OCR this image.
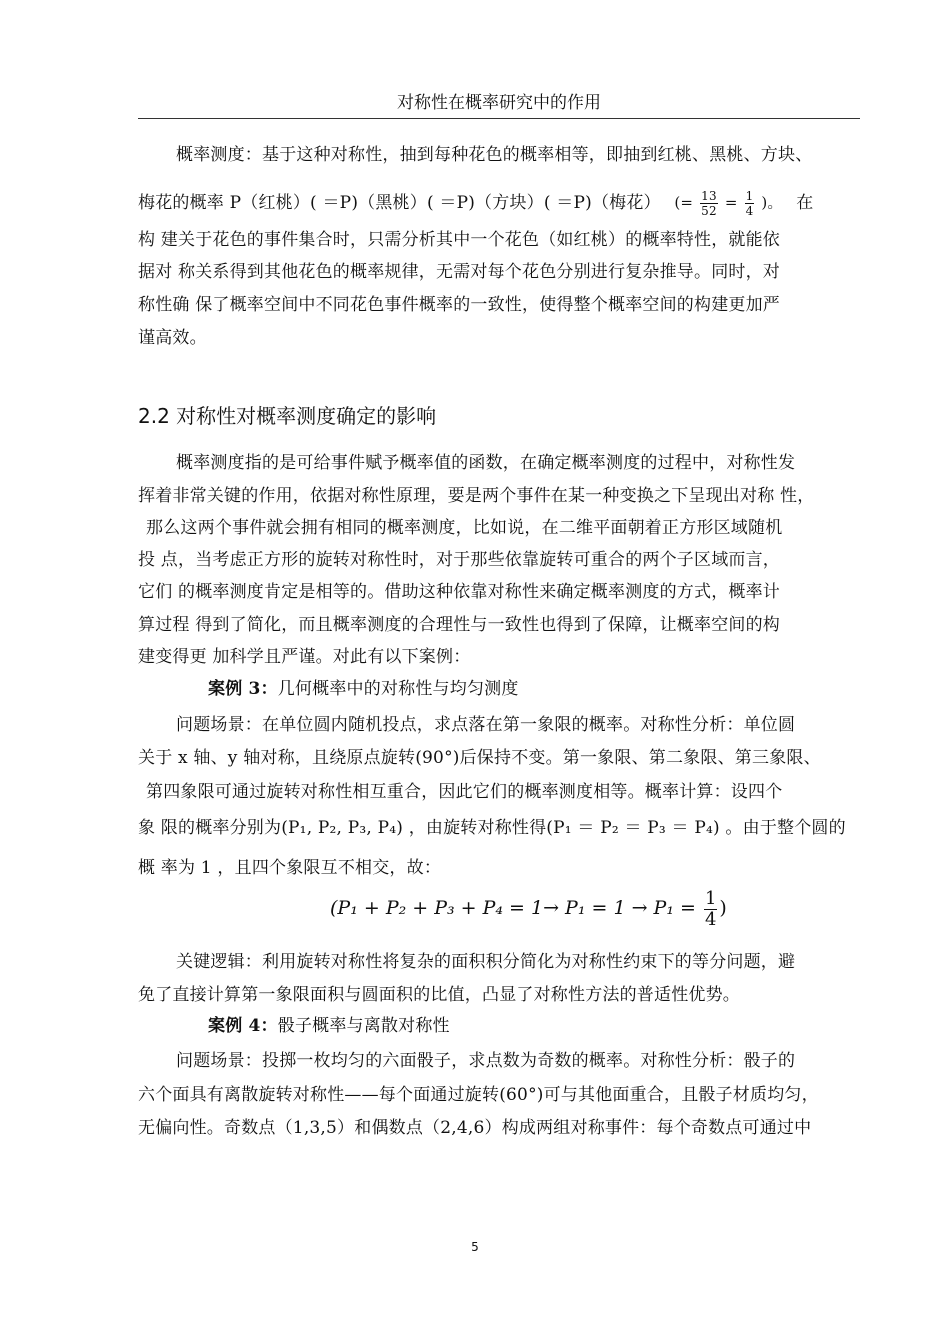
对称性在概率研究中的作用
概率测度：基于这种对称性，抽到每种花色的概率相等，即抽到红桃、黑桃、方块、
梅花的概率 P（红桃）( ＝P)（黑桃）( ＝P)（方块）( ＝P)（梅花） (= $\frac{13}{52} = \frac{1}{4}$ )。 在
构 建关于花色的事件集合时，只需分析其中一个花色（如红桃）的概率特性，就能依
据对 称关系得到其他花色的概率规律，无需对每个花色分别进行复杂推导。同时，对
称性确 保了概率空间中不同花色事件概率的一致性，使得整个概率空间的构建更加严
谨高效。
2.2 对称性对概率测度确定的影响
概率测度指的是可给事件赋予概率值的函数，在确定概率测度的过程中，对称性发
挥着非常关键的作用，依据对称性原理，要是两个事件在某一种变换之下呈现出对称 性，
那么这两个事件就会拥有相同的概率测度，比如说，在二维平面朝着正方形区域随机
投 点，当考虑正方形的旋转对称性时，对于那些依靠旋转可重合的两个子区域而言，
它们 的概率测度肯定是相等的。借助这种依靠对称性来确定概率测度的方式，概率计
算过程 得到了简化，而且概率测度的合理性与一致性也得到了保障，让概率空间的构
建变得更 加科学且严谨。对此有以下案例：
案例 3：几何概率中的对称性与均匀测度
问题场景：在单位圆内随机投点，求点落在第一象限的概率。对称性分析：单位圆
关于 x 轴、y 轴对称，且绕原点旋转(90°)后保持不变。第一象限、第二象限、第三象限、
第四象限可通过旋转对称性相互重合，因此它们的概率测度相等。概率计算：设四个
象 限的概率分别为(P₁, P₂, P₃, P₄) ，由旋转对称性得(P₁ ＝ P₂ ＝ P₃ ＝ P₄) 。由于整个圆的
概 率为 1 ，且四个象限互不相交，故：
($P_1 + P_2 + P_3 + P_4 = 1\to P_1 = 1 \to P_1 = \frac{1}{4}$ )
关键逻辑：利用旋转对称性将复杂的面积积分简化为对称性约束下的等分问题，避
免了直接计算第一象限面积与圆面积的比值，凸显了对称性方法的普适性优势。
案例 4：骰子概率与离散对称性
问题场景：投掷一枚均匀的六面骰子，求点数为奇数的概率。对称性分析：骰子的
六个面具有离散旋转对称性——每个面通过旋转(60°)可与其他面重合，且骰子材质均匀，
无偏向性。奇数点（1,3,5）和偶数点（2,4,6）构成两组对称事件：每个奇数点可通过中
5
